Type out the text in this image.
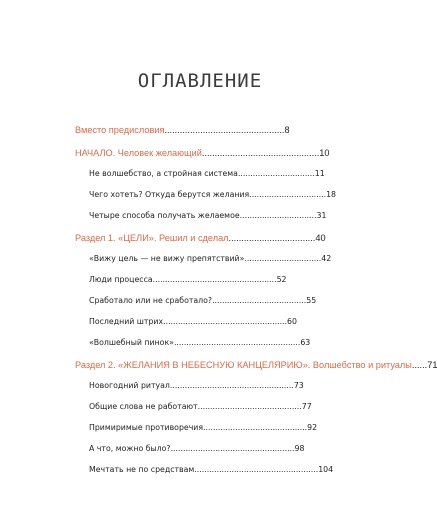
ОГЛАВЛЕНИЕ
Вместо предисловия...............................................8
НАЧАЛО. Человек желающий..............................................10
Не волшебство, а стройная система...............................11
Чего хотеть? Откуда берутся желания...............................18
Четыре способа получать желаемое...............................31
Раздел 1. «ЦЕЛИ». Решил и сделал..................................40
«Вижу цель — не вижу препятствий»...............................42
Люди процесса..................................................52
Сработало или не сработало?......................................55
Последний штрих..................................................60
«Волшебный пинок»...................................................63
Раздел 2. «ЖЕЛАНИЯ В НЕБЕСНУЮ КАНЦЕЛЯРИЮ». Волшебство и ритуалы......71
Новогодний ритуал..................................................73
Общие слова не работают..........................................77
Примиримые противоречия..........................................92
А что, можно было?..................................................98
Мечтать не по средствам..................................................104
